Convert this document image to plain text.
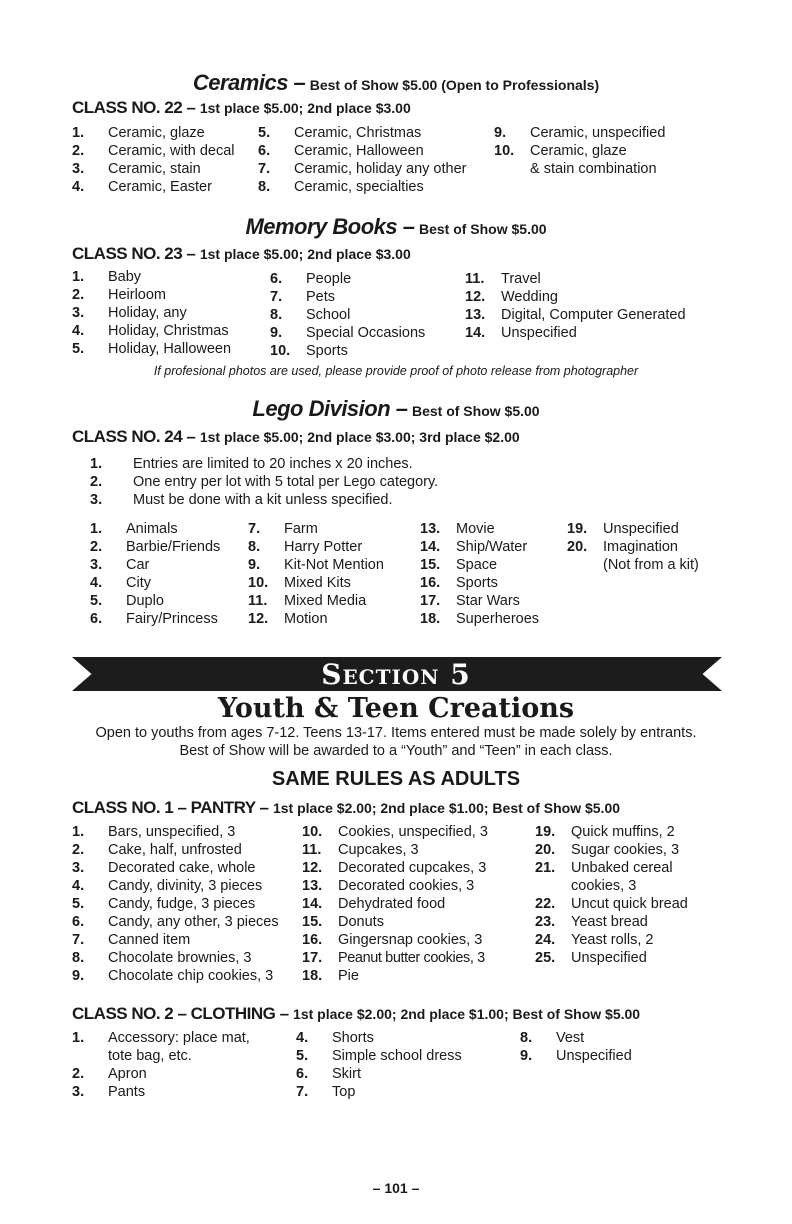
Ceramics – Best of Show $5.00 (Open to Professionals)
CLASS NO. 22 – 1st place $5.00; 2nd place $3.00
1. Ceramic, glaze
2. Ceramic, with decal
3. Ceramic, stain
4. Ceramic, Easter
5. Ceramic, Christmas
6. Ceramic, Halloween
7. Ceramic, holiday any other
8. Ceramic, specialties
9. Ceramic, unspecified
10. Ceramic, glaze
& stain combination
Memory Books – Best of Show $5.00
CLASS NO. 23 – 1st place $5.00; 2nd place $3.00
1. Baby
2. Heirloom
3. Holiday, any
4. Holiday, Christmas
5. Holiday, Halloween
6. People
7. Pets
8. School
9. Special Occasions
10. Sports
11. Travel
12. Wedding
13. Digital, Computer Generated
14. Unspecified
If profesional photos are used, please provide proof of photo release from photographer
Lego Division – Best of Show $5.00
CLASS NO. 24 – 1st place $5.00; 2nd place $3.00; 3rd place $2.00
1. Entries are limited to 20 inches x 20 inches.
2. One entry per lot with 5 total per Lego category.
3. Must be done with a kit unless specified.
1. Animals
2. Barbie/Friends
3. Car
4. City
5. Duplo
6. Fairy/Princess
7. Farm
8. Harry Potter
9. Kit-Not Mention
10. Mixed Kits
11. Mixed Media
12. Motion
13. Movie
14. Ship/Water
15. Space
16. Sports
17. Star Wars
18. Superheroes
19. Unspecified
20. Imagination
(Not from a kit)
Section 5
Youth & Teen Creations
Open to youths from ages 7-12. Teens 13-17. Items entered must be made solely by entrants.
Best of Show will be awarded to a “Youth” and “Teen” in each class.
SAME RULES AS ADULTS
CLASS NO. 1 – PANTRY – 1st place $2.00; 2nd place $1.00; Best of Show $5.00
1. Bars, unspecified, 3
2. Cake, half, unfrosted
3. Decorated cake, whole
4. Candy, divinity, 3 pieces
5. Candy, fudge, 3 pieces
6. Candy, any other, 3 pieces
7. Canned item
8. Chocolate brownies, 3
9. Chocolate chip cookies, 3
10. Cookies, unspecified, 3
11. Cupcakes, 3
12. Decorated cupcakes, 3
13. Decorated cookies, 3
14. Dehydrated food
15. Donuts
16. Gingersnap cookies, 3
17. Peanut butter cookies, 3
18. Pie
19. Quick muffins, 2
20. Sugar cookies, 3
21. Unbaked cereal
cookies, 3
22. Uncut quick bread
23. Yeast bread
24. Yeast rolls, 2
25. Unspecified
CLASS NO. 2 – CLOTHING – 1st place $2.00; 2nd place $1.00; Best of Show $5.00
1. Accessory: place mat,
tote bag, etc.
2. Apron
3. Pants
4. Shorts
5. Simple school dress
6. Skirt
7. Top
8. Vest
9. Unspecified
– 101 –
